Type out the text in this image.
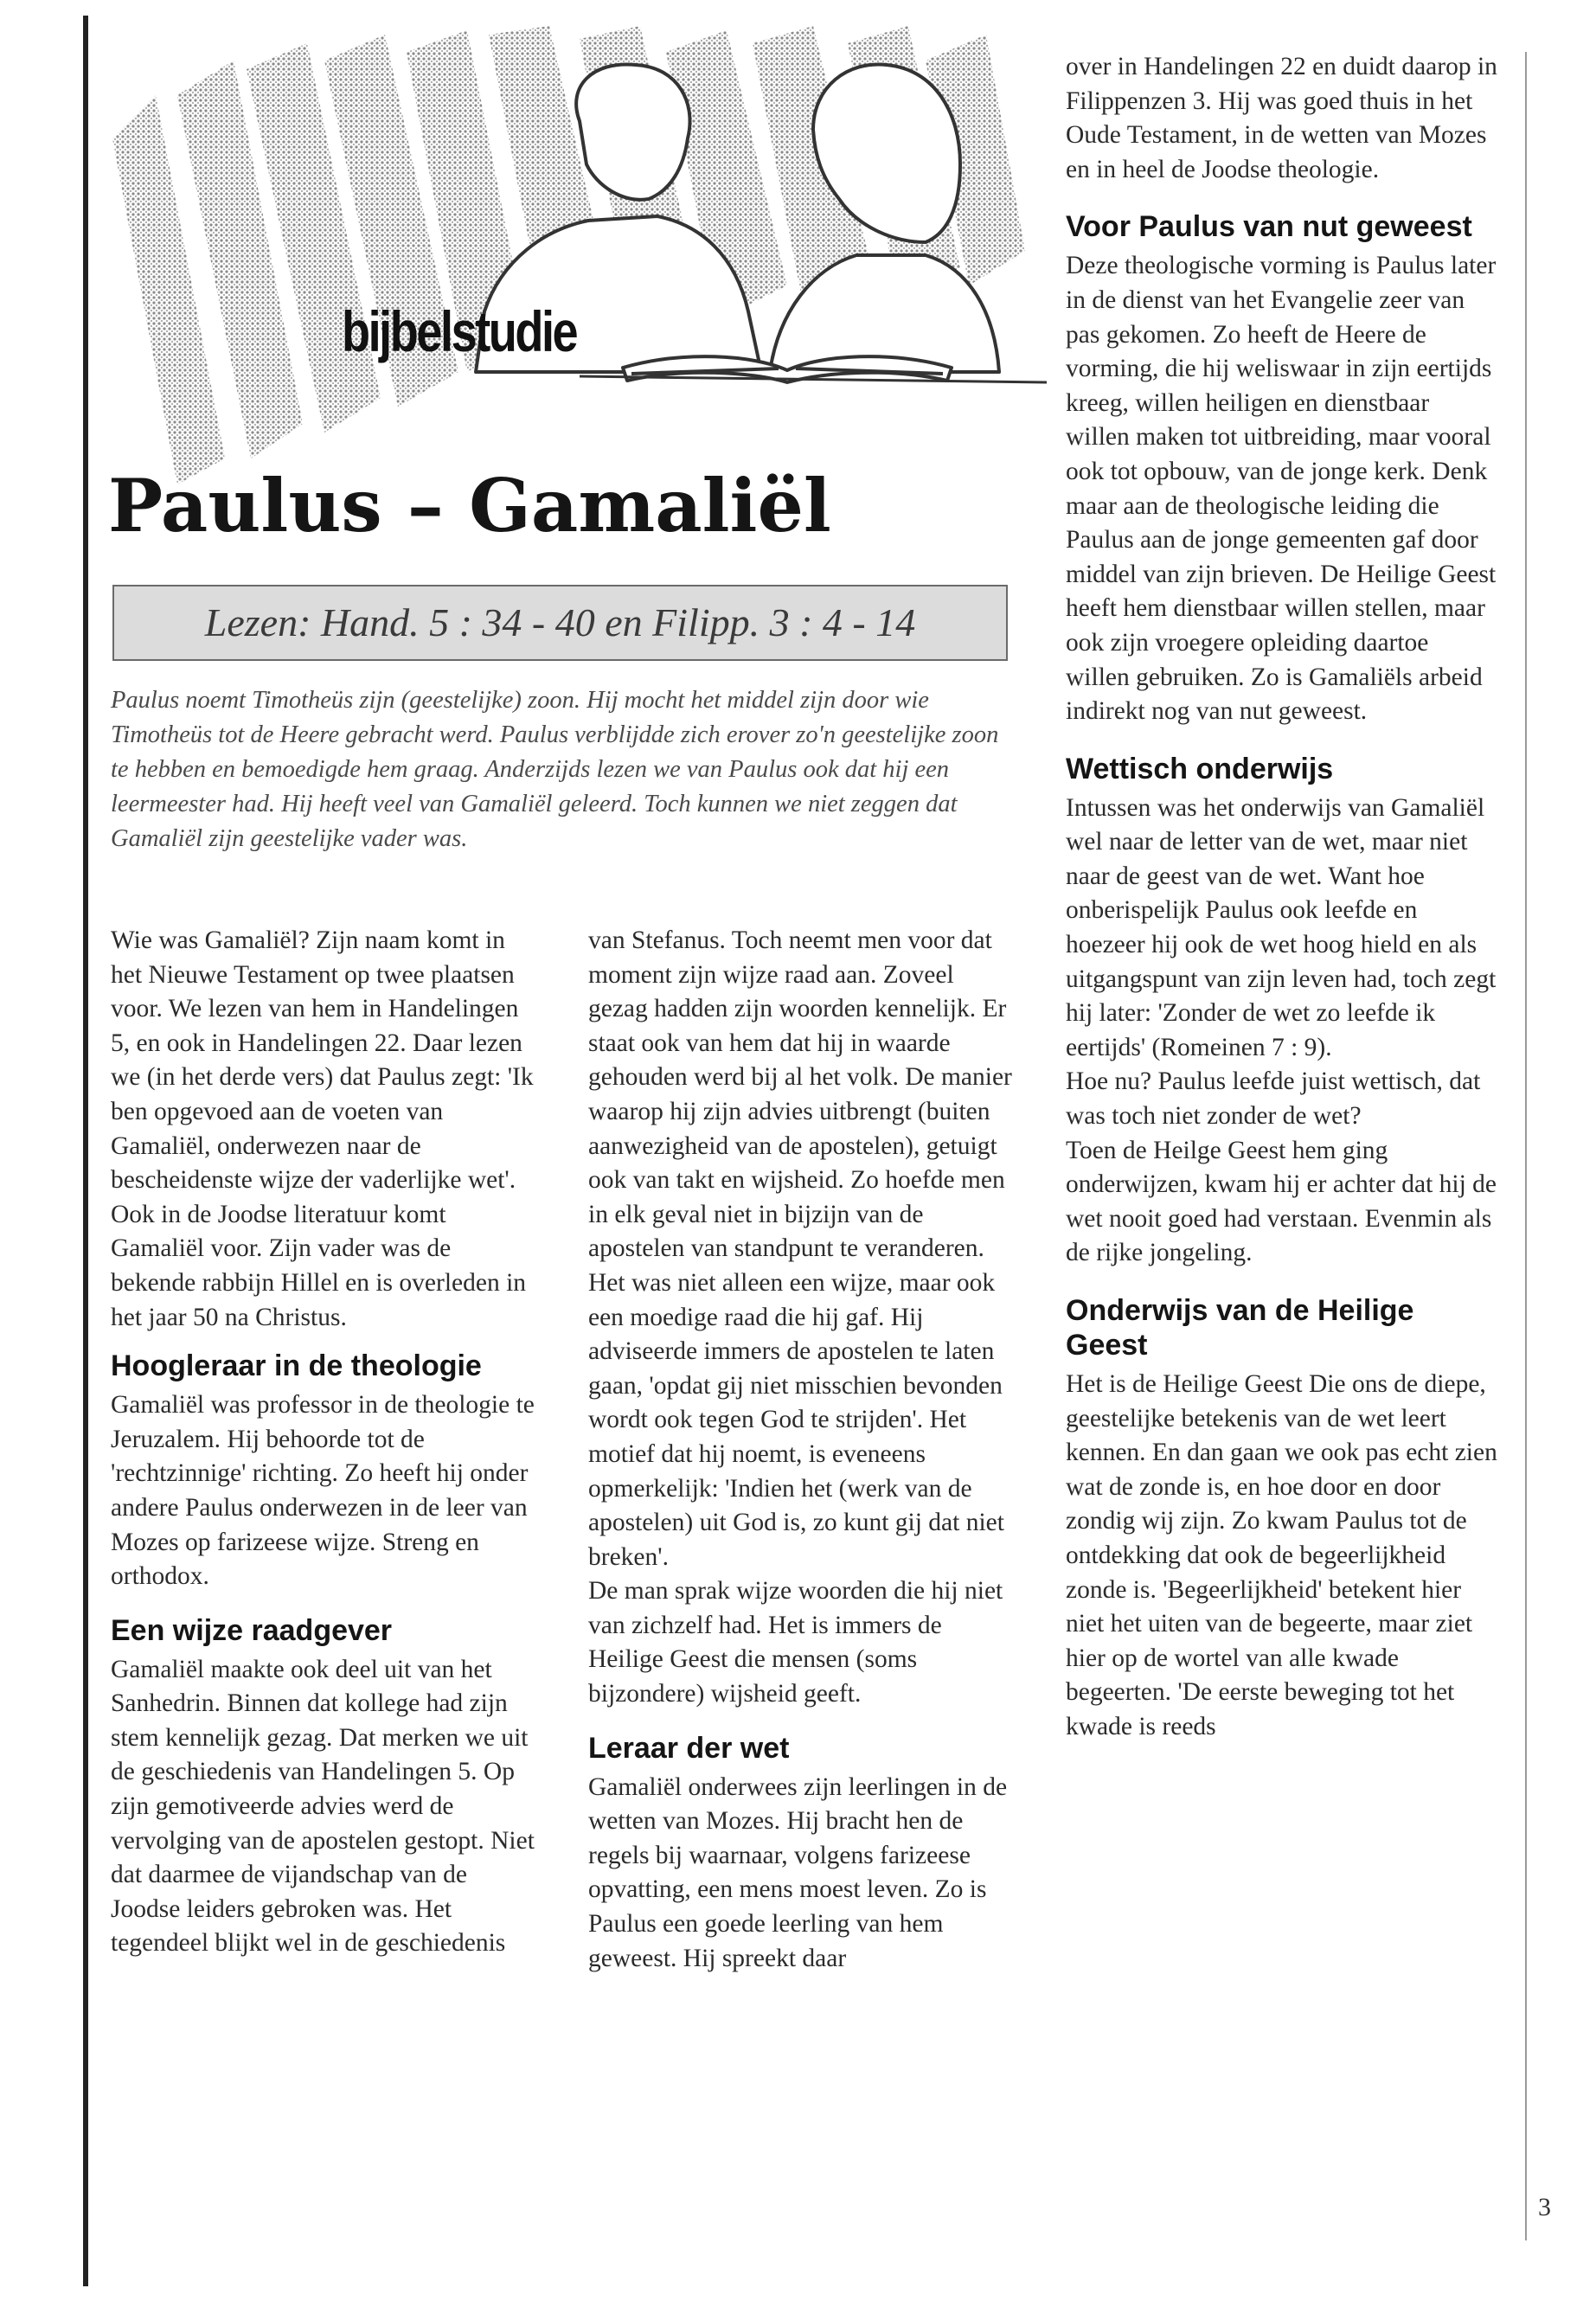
bijbelstudie
Paulus – Gamaliël
Lezen: Hand. 5 : 34 - 40 en Filipp. 3 : 4 - 14

Paulus noemt Timotheüs zijn (geestelijke) zoon. Hij mocht het middel zijn door wie Timotheüs tot de Heere gebracht werd. Paulus verblijdde zich erover zo'n geestelijke zoon te hebben en bemoedigde hem graag. Anderzijds lezen we van Paulus ook dat hij een leermeester had. Hij heeft veel van Gamaliël geleerd. Toch kunnen we niet zeggen dat Gamaliël zijn geestelijke vader was.

Wie was Gamaliël? Zijn naam komt in het Nieuwe Testament op twee plaatsen voor. We lezen van hem in Handelingen 5, en ook in Handelingen 22. Daar lezen we (in het derde vers) dat Paulus zegt: 'Ik ben opgevoed aan de voeten van Gamaliël, onderwezen naar de bescheidenste wijze der vaderlijke wet'. Ook in de Joodse literatuur komt Gamaliël voor. Zijn vader was de bekende rabbijn Hillel en is overleden in het jaar 50 na Christus.

Hoogleraar in de theologie

Gamaliël was professor in de theologie te Jeruzalem. Hij behoorde tot de 'rechtzinnige' richting. Zo heeft hij onder andere Paulus onderwezen in de leer van Mozes op farizeese wijze. Streng en orthodox.

Een wijze raadgever

Gamaliël maakte ook deel uit van het Sanhedrin. Binnen dat kollege had zijn stem kennelijk gezag. Dat merken we uit de geschiedenis van Handelingen 5. Op zijn gemotiveerde advies werd de vervolging van de apostelen gestopt. Niet dat daarmee de vijandschap van de Joodse leiders gebroken was. Het tegendeel blijkt wel in de geschiedenis

van Stefanus. Toch neemt men voor dat moment zijn wijze raad aan. Zoveel gezag hadden zijn woorden kennelijk. Er staat ook van hem dat hij in waarde gehouden werd bij al het volk. De manier waarop hij zijn advies uitbrengt (buiten aanwezigheid van de apostelen), getuigt ook van takt en wijsheid. Zo hoefde men in elk geval niet in bijzijn van de apostelen van standpunt te veranderen.

Het was niet alleen een wijze, maar ook een moedige raad die hij gaf. Hij adviseerde immers de apostelen te laten gaan, 'opdat gij niet misschien bevonden wordt ook tegen God te strijden'. Het motief dat hij noemt, is eveneens opmerkelijk: 'Indien het (werk van de apostelen) uit God is, zo kunt gij dat niet breken'.

De man sprak wijze woorden die hij niet van zichzelf had. Het is immers de Heilige Geest die mensen (soms bijzondere) wijsheid geeft.

Leraar der wet

Gamaliël onderwees zijn leerlingen in de wetten van Mozes. Hij bracht hen de regels bij waarnaar, volgens farizeese opvatting, een mens moest leven. Zo is Paulus een goede leerling van hem geweest. Hij spreekt daar

over in Handelingen 22 en duidt daarop in Filippenzen 3. Hij was goed thuis in het Oude Testament, in de wetten van Mozes en in heel de Joodse theologie.

Voor Paulus van nut geweest

Deze theologische vorming is Paulus later in de dienst van het Evangelie zeer van pas gekomen. Zo heeft de Heere de vorming, die hij weliswaar in zijn eertijds kreeg, willen heiligen en dienstbaar willen maken tot uitbreiding, maar vooral ook tot opbouw, van de jonge kerk. Denk maar aan de theologische leiding die Paulus aan de jonge gemeenten gaf door middel van zijn brieven. De Heilige Geest heeft hem dienstbaar willen stellen, maar ook zijn vroegere opleiding daartoe willen gebruiken. Zo is Gamaliëls arbeid indirekt nog van nut geweest.

Wettisch onderwijs

Intussen was het onderwijs van Gamaliël wel naar de letter van de wet, maar niet naar de geest van de wet. Want hoe onberispelijk Paulus ook leefde en hoezeer hij ook de wet hoog hield en als uitgangspunt van zijn leven had, toch zegt hij later: 'Zonder de wet zo leefde ik eertijds' (Romeinen 7 : 9).

Hoe nu? Paulus leefde juist wettisch, dat was toch niet zonder de wet?

Toen de Heilge Geest hem ging onderwijzen, kwam hij er achter dat hij de wet nooit goed had verstaan. Evenmin als de rijke jongeling.

Onderwijs van de Heilige Geest

Het is de Heilige Geest Die ons de diepe, geestelijke betekenis van de wet leert kennen. En dan gaan we ook pas echt zien wat de zonde is, en hoe door en door zondig wij zijn. Zo kwam Paulus tot de ontdekking dat ook de begeerlijkheid zonde is. 'Begeerlijkheid' betekent hier niet het uiten van de begeerte, maar ziet hier op de wortel van alle kwade begeerten. 'De eerste beweging tot het kwade is reeds

3
